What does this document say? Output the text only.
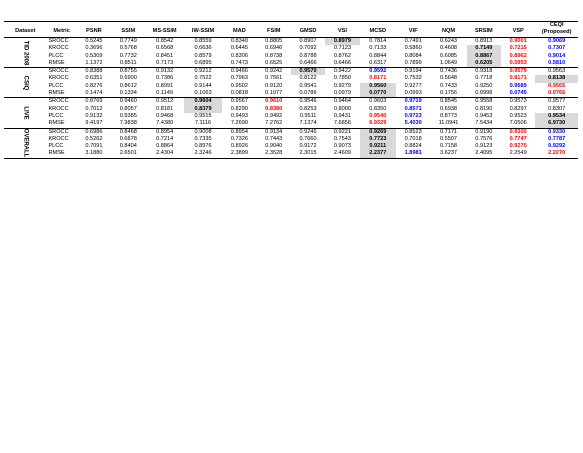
Dataset	Metric	PSNR	SSIM	MS-SSIM	IW-SSIM	MAD	FSIM	GMSD	VSI	MCSD	VIF	NQM	SRSIM	VSP	CEQI
(Proposed)

TID 2008	SROCC	0.5245	0.7749	0.8542	0.8559	0.8340	0.8805	0.8907	0.8979	0.7814	0.7491	0.6243	0.8913	0.9001	0.9069
	KROCC	0.3696	0.5768	0.6568	0.6636	0.6445	0.6946	0.7092	0.7123	0.7133	0.5860	0.4608	0.7149	0.7215	0.7307
	PLCC	0.5309	0.7732	0.8451	0.8579	0.8306	0.8738	0.8788	0.8762	0.8844	0.8084	0.6085	0.8867	0.8962	0.9014
	RMSE	1.1372	0.8511	0.7173	0.6895	0.7473	0.6525	0.6466	0.6466	0.6317	0.7899	1.0649	0.6205	0.5953	0.5810

CSIQ	SROCC	0.8388	0.8755	0.9132	0.9212	0.9466	0.9242	0.9570	0.9422	0.9592	0.9194	0.7436	0.9318	0.9579	0.9563
	KROCC	0.6351	0.6900	0.7386	0.7522	0.7963	0.7561	0.8122	0.7850	0.8171	0.7532	0.5648	0.7718	0.8171	0.8138
	PLCC	0.8276	0.8612	0.8991	0.9144	0.9502	0.9120	0.9541	0.9279	0.9560	0.9277	0.7433	0.9250	0.9589	0.9565
	RMSE	0.1474	0.1334	0.1149	0.1063	0.0818	0.1077	0.0786	0.0979	0.0770	0.0993	0.1756	0.0998	0.0745	0.0766

LIVE	SROCC	0.8765	0.9460	0.9512	0.9604	0.9567	0.9610	0.9546	0.9464	0.9603	0.9719	0.8545	0.9558	0.9573	0.9577
	KROCC	0.7012	0.8057	0.8181	0.8379	0.8290	0.8380	0.8253	0.8000	0.8350	0.8571	0.6938	0.8190	0.8297	0.8307
	PLCC	0.9132	0.9385	0.9468	0.9515	0.9493	0.9492	0.9511	0.9431	0.9540	0.9723	0.8773	0.9453	0.9523	0.9534
	RMSE	9.4197	7.9838	7.4380	7.1116	7.2690	7.2762	7.1374	7.6856	6.9329	5.4030	11.0941	7.5434	7.0506	6.9730

OVERALL	SROCC	0.6986	0.8468	0.8954	0.9008	0.8954	0.9134	0.9246	0.9221	0.9269	0.8523	0.7171	0.9190	0.9300	0.9330
	KROCC	0.5262	0.6678	0.7214	0.7335	0.7326	0.7443	0.7660	0.7543	0.7723	0.7018	0.5507	0.7576	0.7747	0.7787
	PLCC	0.7091	0.8404	0.8864	0.8976	0.8926	0.9040	0.9172	0.9073	0.9211	0.8824	0.7158	0.9123	0.9270	0.9292
	RMSE	3.1880	2.6501	2.4304	2.3246	2.3899	2.3528	2.3015	2.4609	2.2377	1.8981	3.6237	2.4095	2.2549	2.2270
